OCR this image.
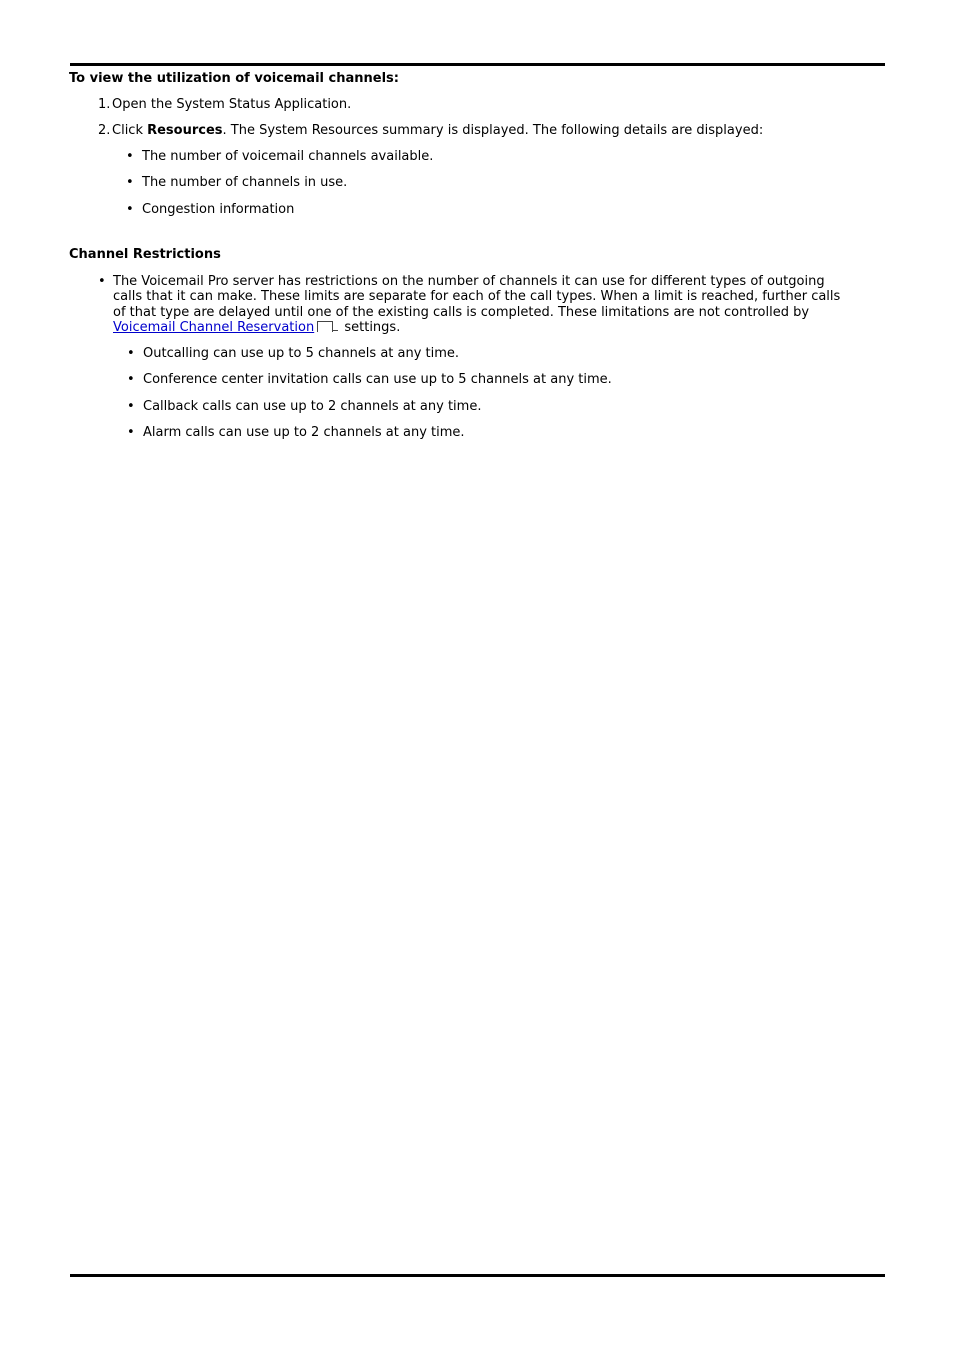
To view the utilization of voicemail channels:

1. Open the System Status Application.
2. Click Resources. The System Resources summary is displayed. The following details are displayed:
• The number of voicemail channels available.
• The number of channels in use.
• Congestion information

Channel Restrictions

• The Voicemail Pro server has restrictions on the number of channels it can use for different types of outgoing calls that it can make. These limits are separate for each of the call types. When a limit is reached, further calls of that type are delayed until one of the existing calls is completed. These limitations are not controlled by Voicemail Channel Reservation
settings.

• Outcalling can use up to 5 channels at any time.
• Conference center invitation calls can use up to 5 channels at any time.
• Callback calls can use up to 2 channels at any time.
• Alarm calls can use up to 2 channels at any time.
